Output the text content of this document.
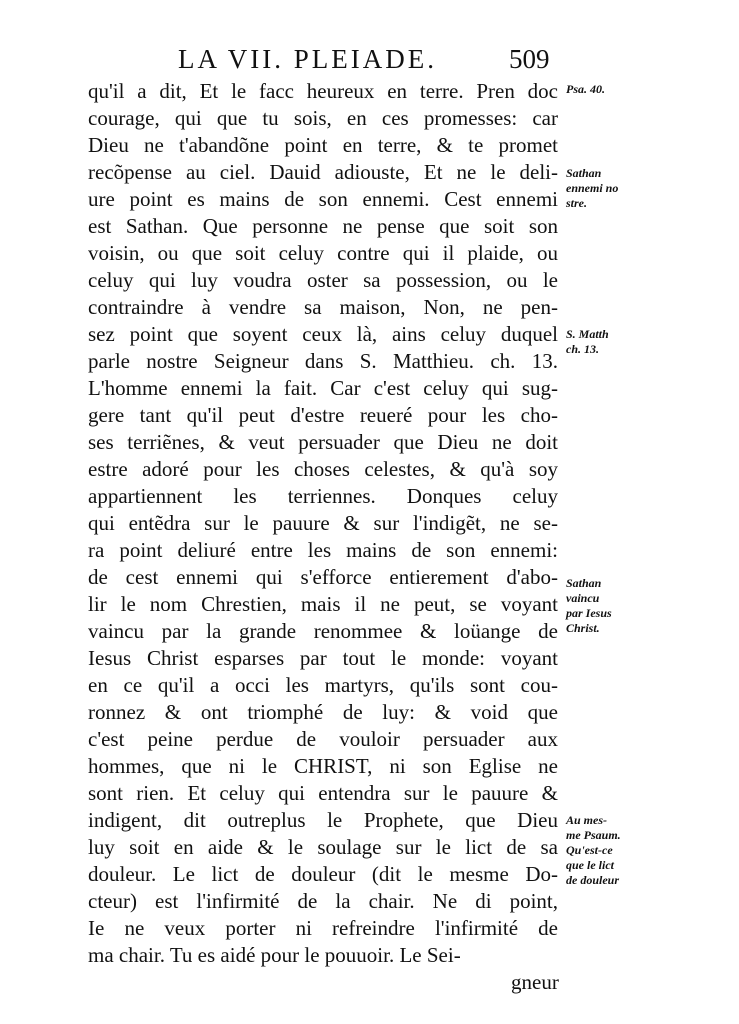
LA VII. PLEIADE.	509
qu'il a dit, Et le facc heureux en terre. Pren doc
courage, qui que tu sois, en ces promesses: car
Dieu ne t'abandõne point en terre, & te promet
recõpense au ciel. Dauid adiouste, Et ne le deli-
ure point es mains de son ennemi. Cest ennemi
est Sathan. Que personne ne pense que soit son
voisin, ou que soit celuy contre qui il plaide, ou
celuy qui luy voudra oster sa possession, ou le
contraindre à vendre sa maison, Non, ne pen-
sez point que soyent ceux là, ains celuy duquel
parle nostre Seigneur dans S. Matthieu. ch. 13.
L'homme ennemi la fait. Car c'est celuy qui sug-
gere tant qu'il peut d'estre reueré pour les cho-
ses terriẽnes, & veut persuader que Dieu ne doit
estre adoré pour les choses celestes, & qu'à soy
appartiennent les terriennes. Donques celuy
qui entẽdra sur le pauure & sur l'indigẽt, ne se-
ra point deliuré entre les mains de son ennemi:
de cest ennemi qui s'efforce entierement d'abo-
lir le nom Chrestien, mais il ne peut, se voyant
vaincu par la grande renommee & loüange de
Iesus Christ esparses par tout le monde: voyant
en ce qu'il a occi les martyrs, qu'ils sont cou-
ronnez & ont triomphé de luy: & void que
c'est peine perdue de vouloir persuader aux
hommes, que ni le CHRIST, ni son Eglise ne
sont rien. Et celuy qui entendra sur le pauure &
indigent, dit outreplus le Prophete, que Dieu
luy soit en aide & le soulage sur le lict de sa
douleur. Le lict de douleur (dit le mesme Do-
cteur) est l'infirmité de la chair. Ne di point,
Ie ne veux porter ni refreindre l'infirmité de
ma chair. Tu es aidé pour le pouuoir. Le Sei-
gneur
Psa. 40.
Sathan
ennemi no
stre.
S. Matth
ch. 13.
Sathan
vaincu
par Iesus
Christ.
Au mes-
me Psaum.
Qu'est-ce
que le lict
de douleur
